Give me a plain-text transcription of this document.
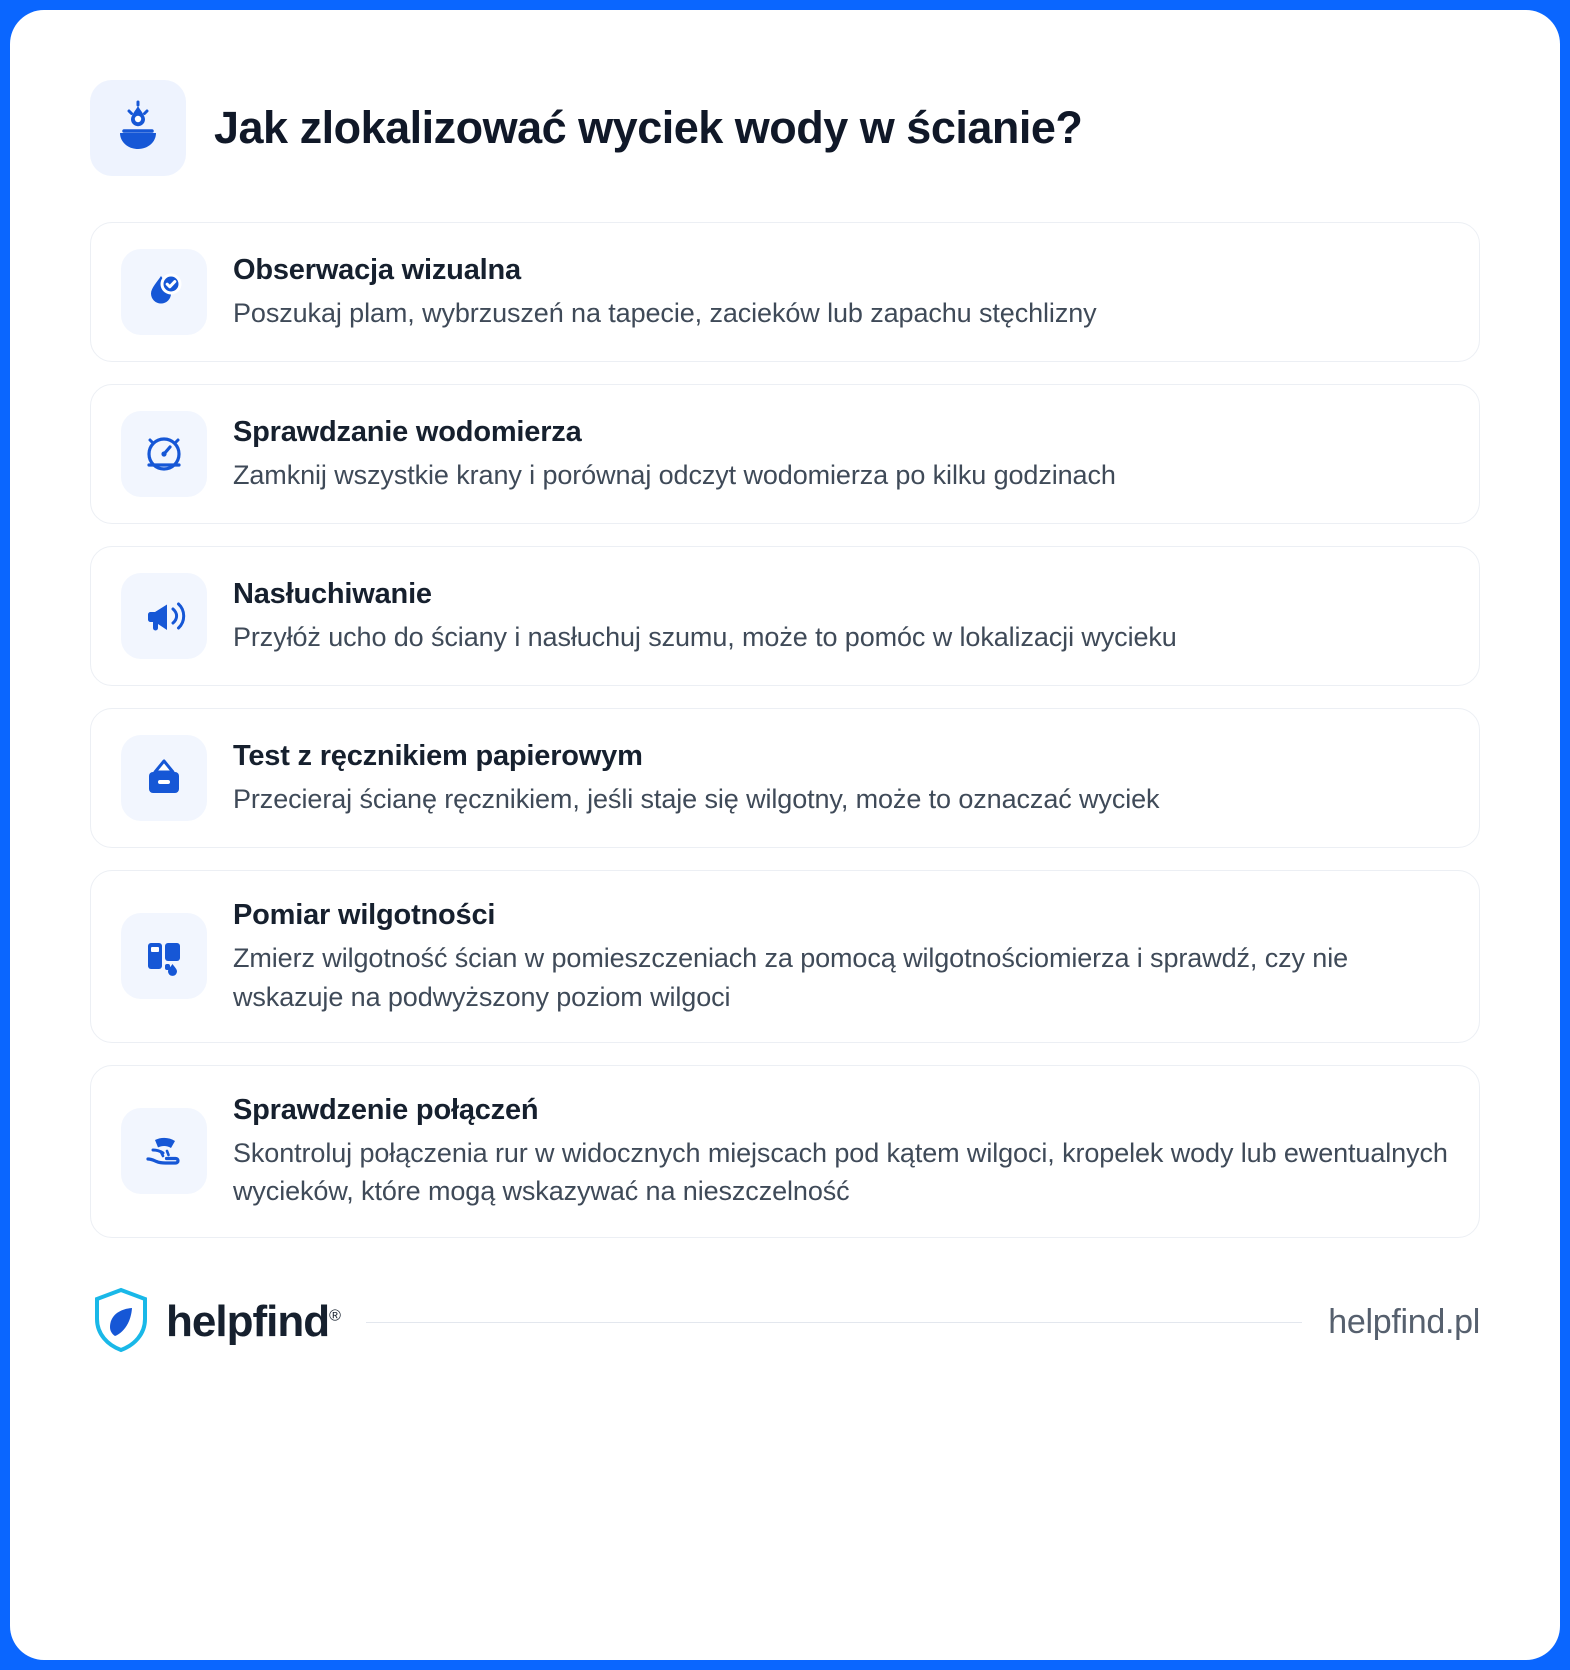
Jak zlokalizować wyciek wody w ścianie?
Obserwacja wizualna
Poszukaj plam, wybrzuszeń na tapecie, zacieków lub zapachu stęchlizny
Sprawdzanie wodomierza
Zamknij wszystkie krany i porównaj odczyt wodomierza po kilku godzinach
Nasłuchiwanie
Przyłóż ucho do ściany i nasłuchuj szumu, może to pomóc w lokalizacji wycieku
Test z ręcznikiem papierowym
Przecieraj ścianę ręcznikiem, jeśli staje się wilgotny, może to oznaczać wyciek
Pomiar wilgotności
Zmierz wilgotność ścian w pomieszczeniach za pomocą wilgotnościomierza i sprawdź, czy nie wskazuje na podwyższony poziom wilgoci
Sprawdzenie połączeń
Skontroluj połączenia rur w widocznych miejscach pod kątem wilgoci, kropelek wody lub ewentualnych wycieków, które mogą wskazywać na nieszczelność
helpfind®	helpfind.pl
